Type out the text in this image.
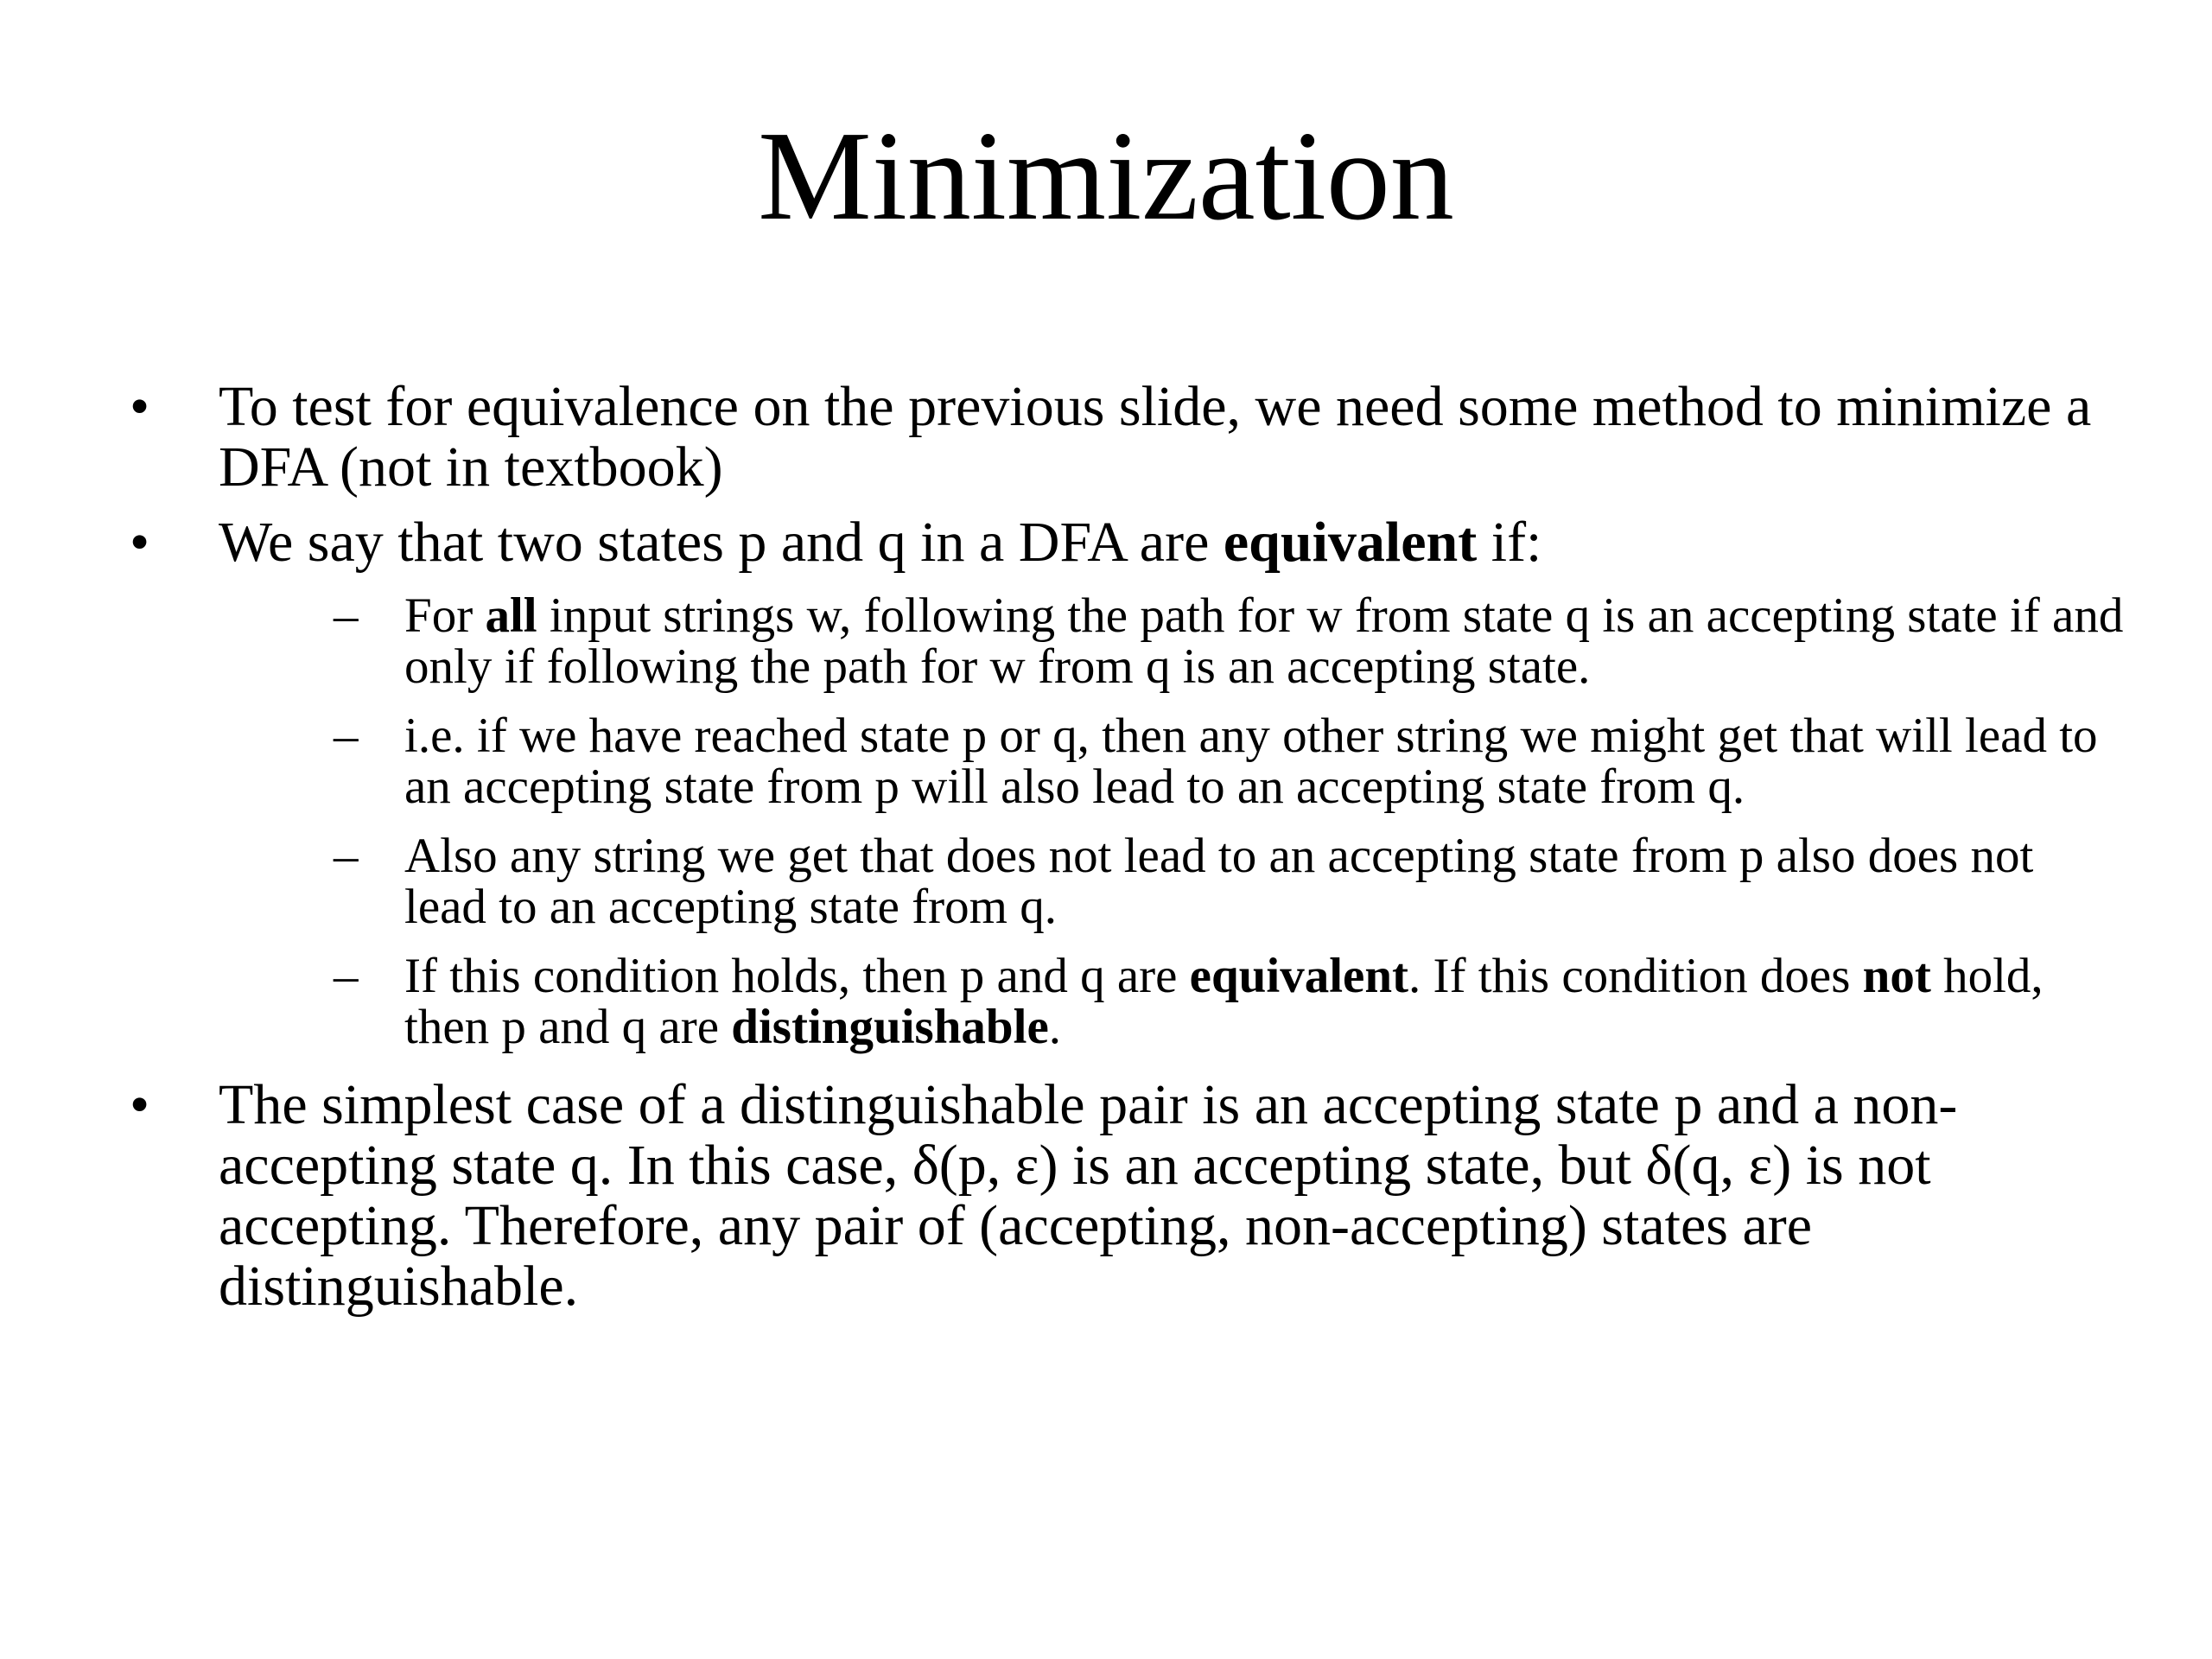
Minimization
• To test for equivalence on the previous slide, we need some method to minimize a DFA (not in textbook)
• We say that two states p and q in a DFA are equivalent if:
– For all input strings w, following the path for w from state q is an accepting state if and only if following the path for w from q is an accepting state.
– i.e. if we have reached state p or q, then any other string we might get that will lead to an accepting state from p will also lead to an accepting state from q.
– Also any string we get that does not lead to an accepting state from p also does not lead to an accepting state from q.
– If this condition holds, then p and q are equivalent. If this condition does not hold, then p and q are distinguishable.
• The simplest case of a distinguishable pair is an accepting state p and a non-accepting state q. In this case, δ(p, ε) is an accepting state, but δ(q, ε) is not accepting. Therefore, any pair of (accepting, non-accepting) states are distinguishable.
